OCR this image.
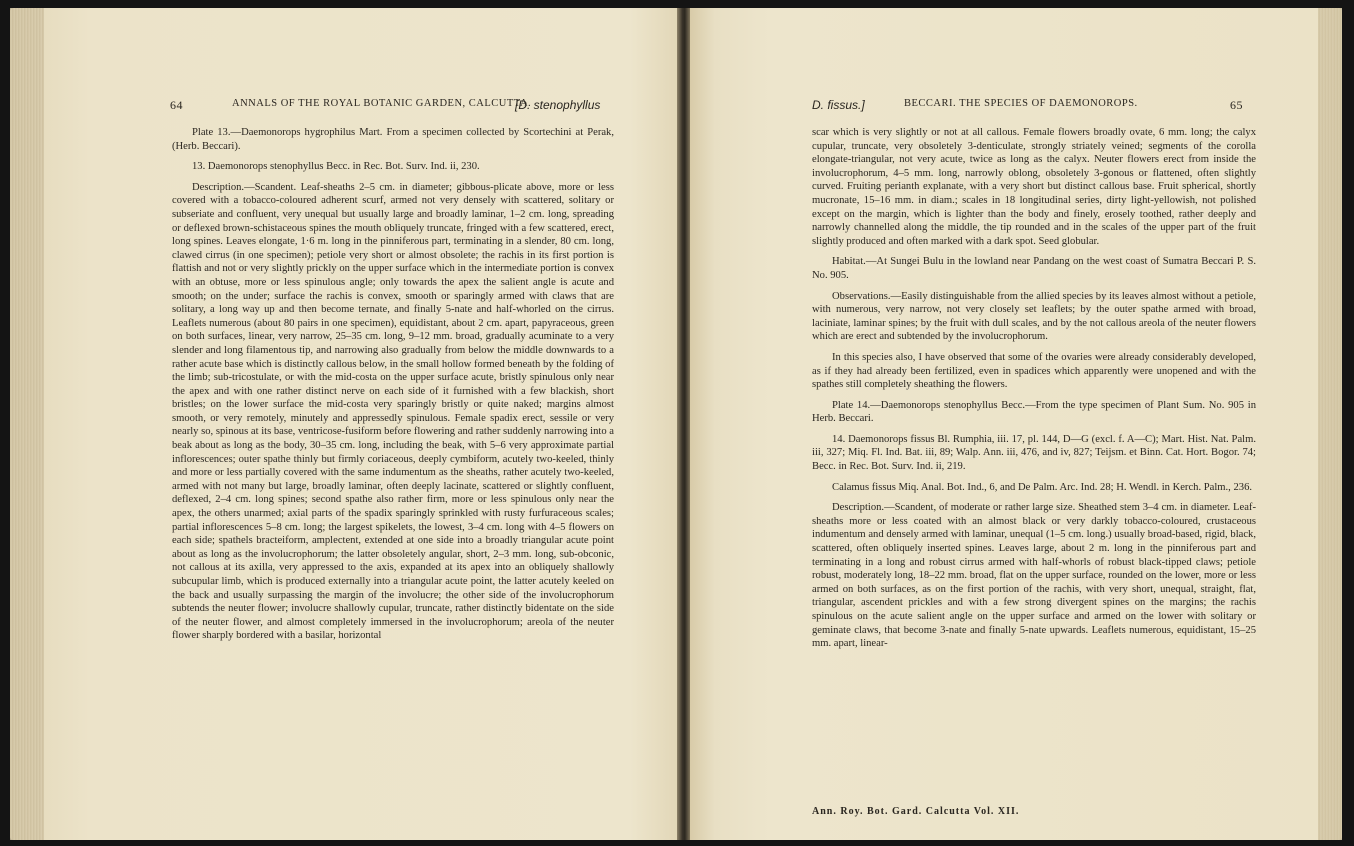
64	ANNALS OF THE ROYAL BOTANIC GARDEN, CALCUTTA.
[D. stenophyllus

Plate 13.—Daemonorops hygrophilus Mart. From a specimen collected by Scortechini at Perak, (Herb. Beccari).

13. Daemonorops stenophyllus Becc. in Rec. Bot. Surv. Ind. ii, 230.

Description.—Scandent. Leaf-sheaths 2–5 cm. in diameter; gibbous-plicate above, more or less covered with a tobacco-coloured adherent scurf, armed not very densely with scattered, solitary or subseriate and confluent, very unequal but usually large and broadly laminar, 1–2 cm. long, spreading or deflexed brown-schistaceous spines the mouth obliquely truncate, fringed with a few scattered, erect, long spines. Leaves elongate, 1·6 m. long in the pinniferous part, terminating in a slender, 80 cm. long, clawed cirrus (in one specimen); petiole very short or almost obsolete; the rachis in its first portion is flattish and not or very slightly prickly on the upper surface which in the intermediate portion is convex with an obtuse, more or less spinulous angle; only towards the apex the salient angle is acute and smooth; on the under; surface the rachis is convex, smooth or sparingly armed with claws that are solitary, a long way up and then become ternate, and finally 5-nate and half-whorled on the cirrus. Leaflets numerous (about 80 pairs in one specimen), equidistant, about 2 cm. apart, papyraceous, green on both surfaces, linear, very narrow, 25–35 cm. long, 9–12 mm. broad, gradually acuminate to a very slender and long filamentous tip, and narrowing also gradually from below the middle downwards to a rather acute base which is distinctly callous below, in the small hollow formed beneath by the folding of the limb; sub-tricostulate, or with the mid-costa on the upper surface acute, bristly spinulous only near the apex and with one rather distinct nerve on each side of it furnished with a few blackish, short bristles; on the lower surface the mid-costa very sparingly bristly or quite naked; margins almost smooth, or very remotely, minutely and appressedly spinulous. Female spadix erect, sessile or very nearly so, spinous at its base, ventricose-fusiform before flowering and rather suddenly narrowing into a beak about as long as the body, 30–35 cm. long, including the beak, with 5–6 very approximate partial inflorescences; outer spathe thinly but firmly coriaceous, deeply cymbiform, acutely two-keeled, thinly and more or less partially covered with the same indumentum as the sheaths, rather acutely two-keeled, armed with not many but large, broadly laminar, often deeply lacinate, scattered or slightly confluent, deflexed, 2–4 cm. long spines; second spathe also rather firm, more or less spinulous only near the apex, the others unarmed; axial parts of the spadix sparingly sprinkled with rusty furfuraceous scales; partial inflorescences 5–8 cm. long; the largest spikelets, the lowest, 3–4 cm. long with 4–5 flowers on each side; spathels bracteiform, amplectent, extended at one side into a broadly triangular acute point about as long as the involucrophorum; the latter obsoletely angular, short, 2–3 mm. long, sub-obconic, not callous at its axilla, very appressed to the axis, expanded at its apex into an obliquely shallowly subcupular limb, which is produced externally into a triangular acute point, the latter acutely keeled on the back and usually surpassing the margin of the involucre; the other side of the involucrophorum subtends the neuter flower; involucre shallowly cupular, truncate, rather distinctly bidentate on the side of the neuter flower, and almost completely immersed in the involucrophorum; areola of the neuter flower sharply bordered with a basilar, horizontal

D. fissus.]	BECCARI. THE SPECIES OF DAEMONOROPS.	65

scar which is very slightly or not at all callous. Female flowers broadly ovate, 6 mm. long; the calyx cupular, truncate, very obsoletely 3-denticulate, strongly striately veined; segments of the corolla elongate-triangular, not very acute, twice as long as the calyx. Neuter flowers erect from inside the involucrophorum, 4–5 mm. long, narrowly oblong, obsoletely 3-gonous or flattened, often slightly curved. Fruiting perianth explanate, with a very short but distinct callous base. Fruit spherical, shortly mucronate, 15–16 mm. in diam.; scales in 18 longitudinal series, dirty light-yellowish, not polished except on the margin, which is lighter than the body and finely, erosely toothed, rather deeply and narrowly channelled along the middle, the tip rounded and in the scales of the upper part of the fruit slightly produced and often marked with a dark spot. Seed globular.

Habitat.—At Sungei Bulu in the lowland near Pandang on the west coast of Sumatra Beccari P. S. No. 905.

Observations.—Easily distinguishable from the allied species by its leaves almost without a petiole, with numerous, very narrow, not very closely set leaflets; by the outer spathe armed with broad, laciniate, laminar spines; by the fruit with dull scales, and by the not callous areola of the neuter flowers which are erect and subtended by the involucrophorum.

In this species also, I have observed that some of the ovaries were already considerably developed, as if they had already been fertilized, even in spadices which apparently were unopened and with the spathes still completely sheathing the flowers.

Plate 14.—Daemonorops stenophyllus Becc.—From the type specimen of Plant Sum. No. 905 in Herb. Beccari.

14. Daemonorops fissus Bl. Rumphia, iii. 17, pl. 144, D—G (excl. f. A—C); Mart. Hist. Nat. Palm. iii, 327; Miq. Fl. Ind. Bat. iii, 89; Walp. Ann. iii, 476, and iv, 827; Teijsm. et Binn. Cat. Hort. Bogor. 74; Becc. in Rec. Bot. Surv. Ind. ii, 219.

Calamus fissus Miq. Anal. Bot. Ind., 6, and De Palm. Arc. Ind. 28; H. Wendl. in Kerch. Palm., 236.

Description.—Scandent, of moderate or rather large size. Sheathed stem 3–4 cm. in diameter. Leaf-sheaths more or less coated with an almost black or very darkly tobacco-coloured, crustaceous indumentum and densely armed with laminar, unequal (1–5 cm. long.) usually broad-based, rigid, black, scattered, often obliquely inserted spines. Leaves large, about 2 m. long in the pinniferous part and terminating in a long and robust cirrus armed with half-whorls of robust black-tipped claws; petiole robust, moderately long, 18–22 mm. broad, flat on the upper surface, rounded on the lower, more or less armed on both surfaces, as on the first portion of the rachis, with very short, unequal, straight, flat, triangular, ascendent prickles and with a few strong divergent spines on the margins; the rachis spinulous on the acute salient angle on the upper surface and armed on the lower with solitary or geminate claws, that become 3-nate and finally 5-nate upwards. Leaflets numerous, equidistant, 15–25 mm. apart, linear-

Ann. Roy. Bot. Gard. Calcutta Vol. XII.
